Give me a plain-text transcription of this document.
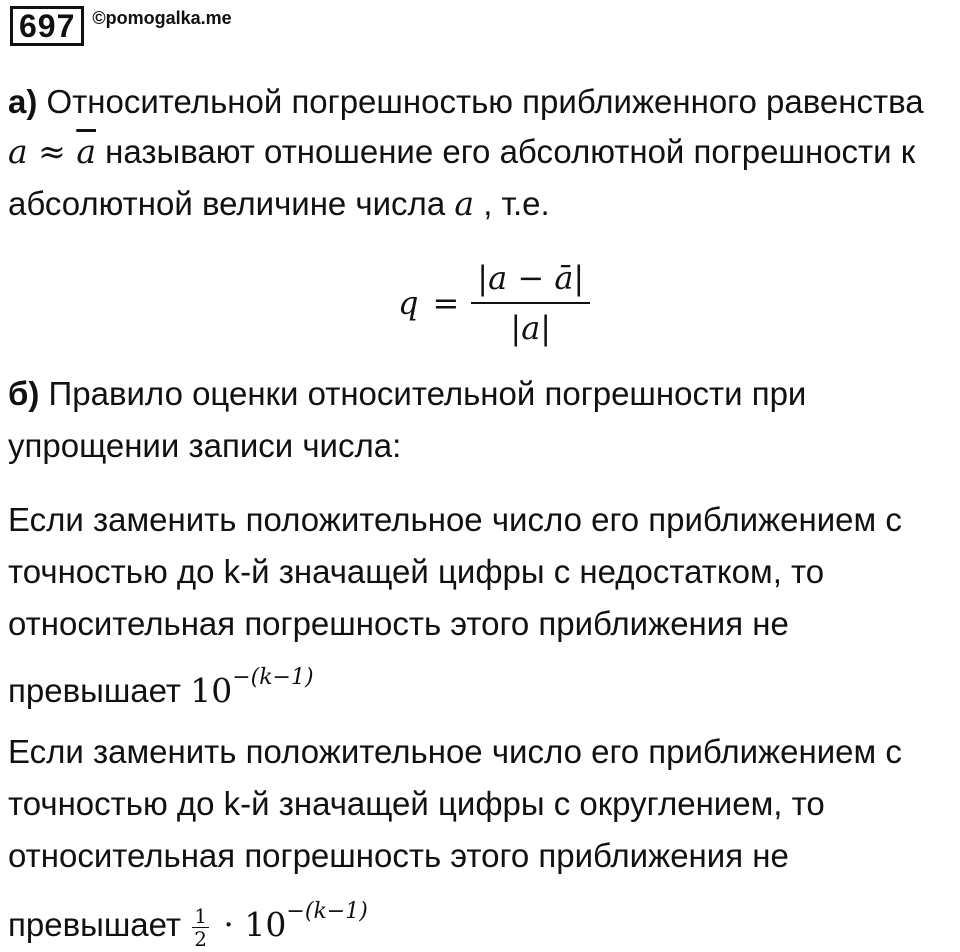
697 ©pomogalka.me
а) Относительной погрешностью приближенного равенства
$a \approx \overline{a}$ называют отношение его абсолютной погрешности к
абсолютной величине числа a , т.е.
$q = \frac{|a - ā|}{|a|}$
б) Правило оценки относительной погрешности при
упрощении записи числа:
Если заменить положительное число его приближением с
точностью до k-й значащей цифры с недостатком, то
относительная погрешность этого приближения не
превышает $10^{-(k-1)}$
Если заменить положительное число его приближением с
точностью до k-й значащей цифры с округлением, то
относительная погрешность этого приближения не
превышает $\frac{1}{2} \cdot 10^{-(k-1)}$
